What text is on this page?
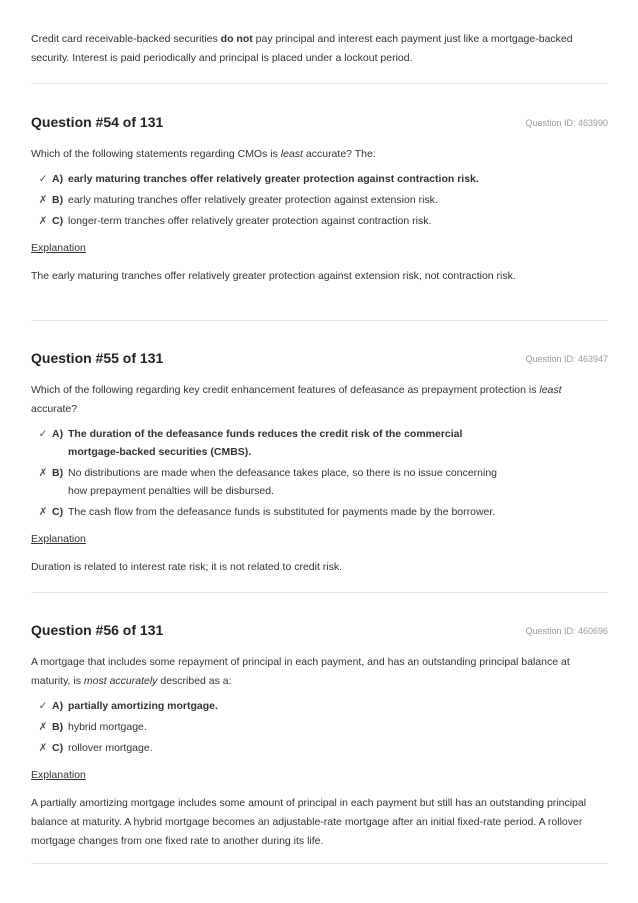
Credit card receivable-backed securities do not pay principal and interest each payment just like a mortgage-backed security. Interest is paid periodically and principal is placed under a lockout period.

Question #54 of 131	Question ID: 463990

Which of the following statements regarding CMOs is least accurate? The:

✓ A) early maturing tranches offer relatively greater protection against contraction risk.
✗ B) early maturing tranches offer relatively greater protection against extension risk.
✗ C) longer-term tranches offer relatively greater protection against contraction risk.
Explanation

The early maturing tranches offer relatively greater protection against extension risk, not contraction risk.

Question #55 of 131	Question ID: 463947

Which of the following regarding key credit enhancement features of defeasance as prepayment protection is least accurate?

✓ A) The duration of the defeasance funds reduces the credit risk of the commercial mortgage-backed securities (CMBS).
✗ B) No distributions are made when the defeasance takes place, so there is no issue concerning how prepayment penalties will be disbursed.
✗ C) The cash flow from the defeasance funds is substituted for payments made by the borrower.
Explanation

Duration is related to interest rate risk; it is not related to credit risk.

Question #56 of 131	Question ID: 460696

A mortgage that includes some repayment of principal in each payment, and has an outstanding principal balance at maturity, is most accurately described as a:

✓ A) partially amortizing mortgage.
✗ B) hybrid mortgage.
✗ C) rollover mortgage.
Explanation

A partially amortizing mortgage includes some amount of principal in each payment but still has an outstanding principal balance at maturity. A hybrid mortgage becomes an adjustable-rate mortgage after an initial fixed-rate period. A rollover mortgage changes from one fixed rate to another during its life.
